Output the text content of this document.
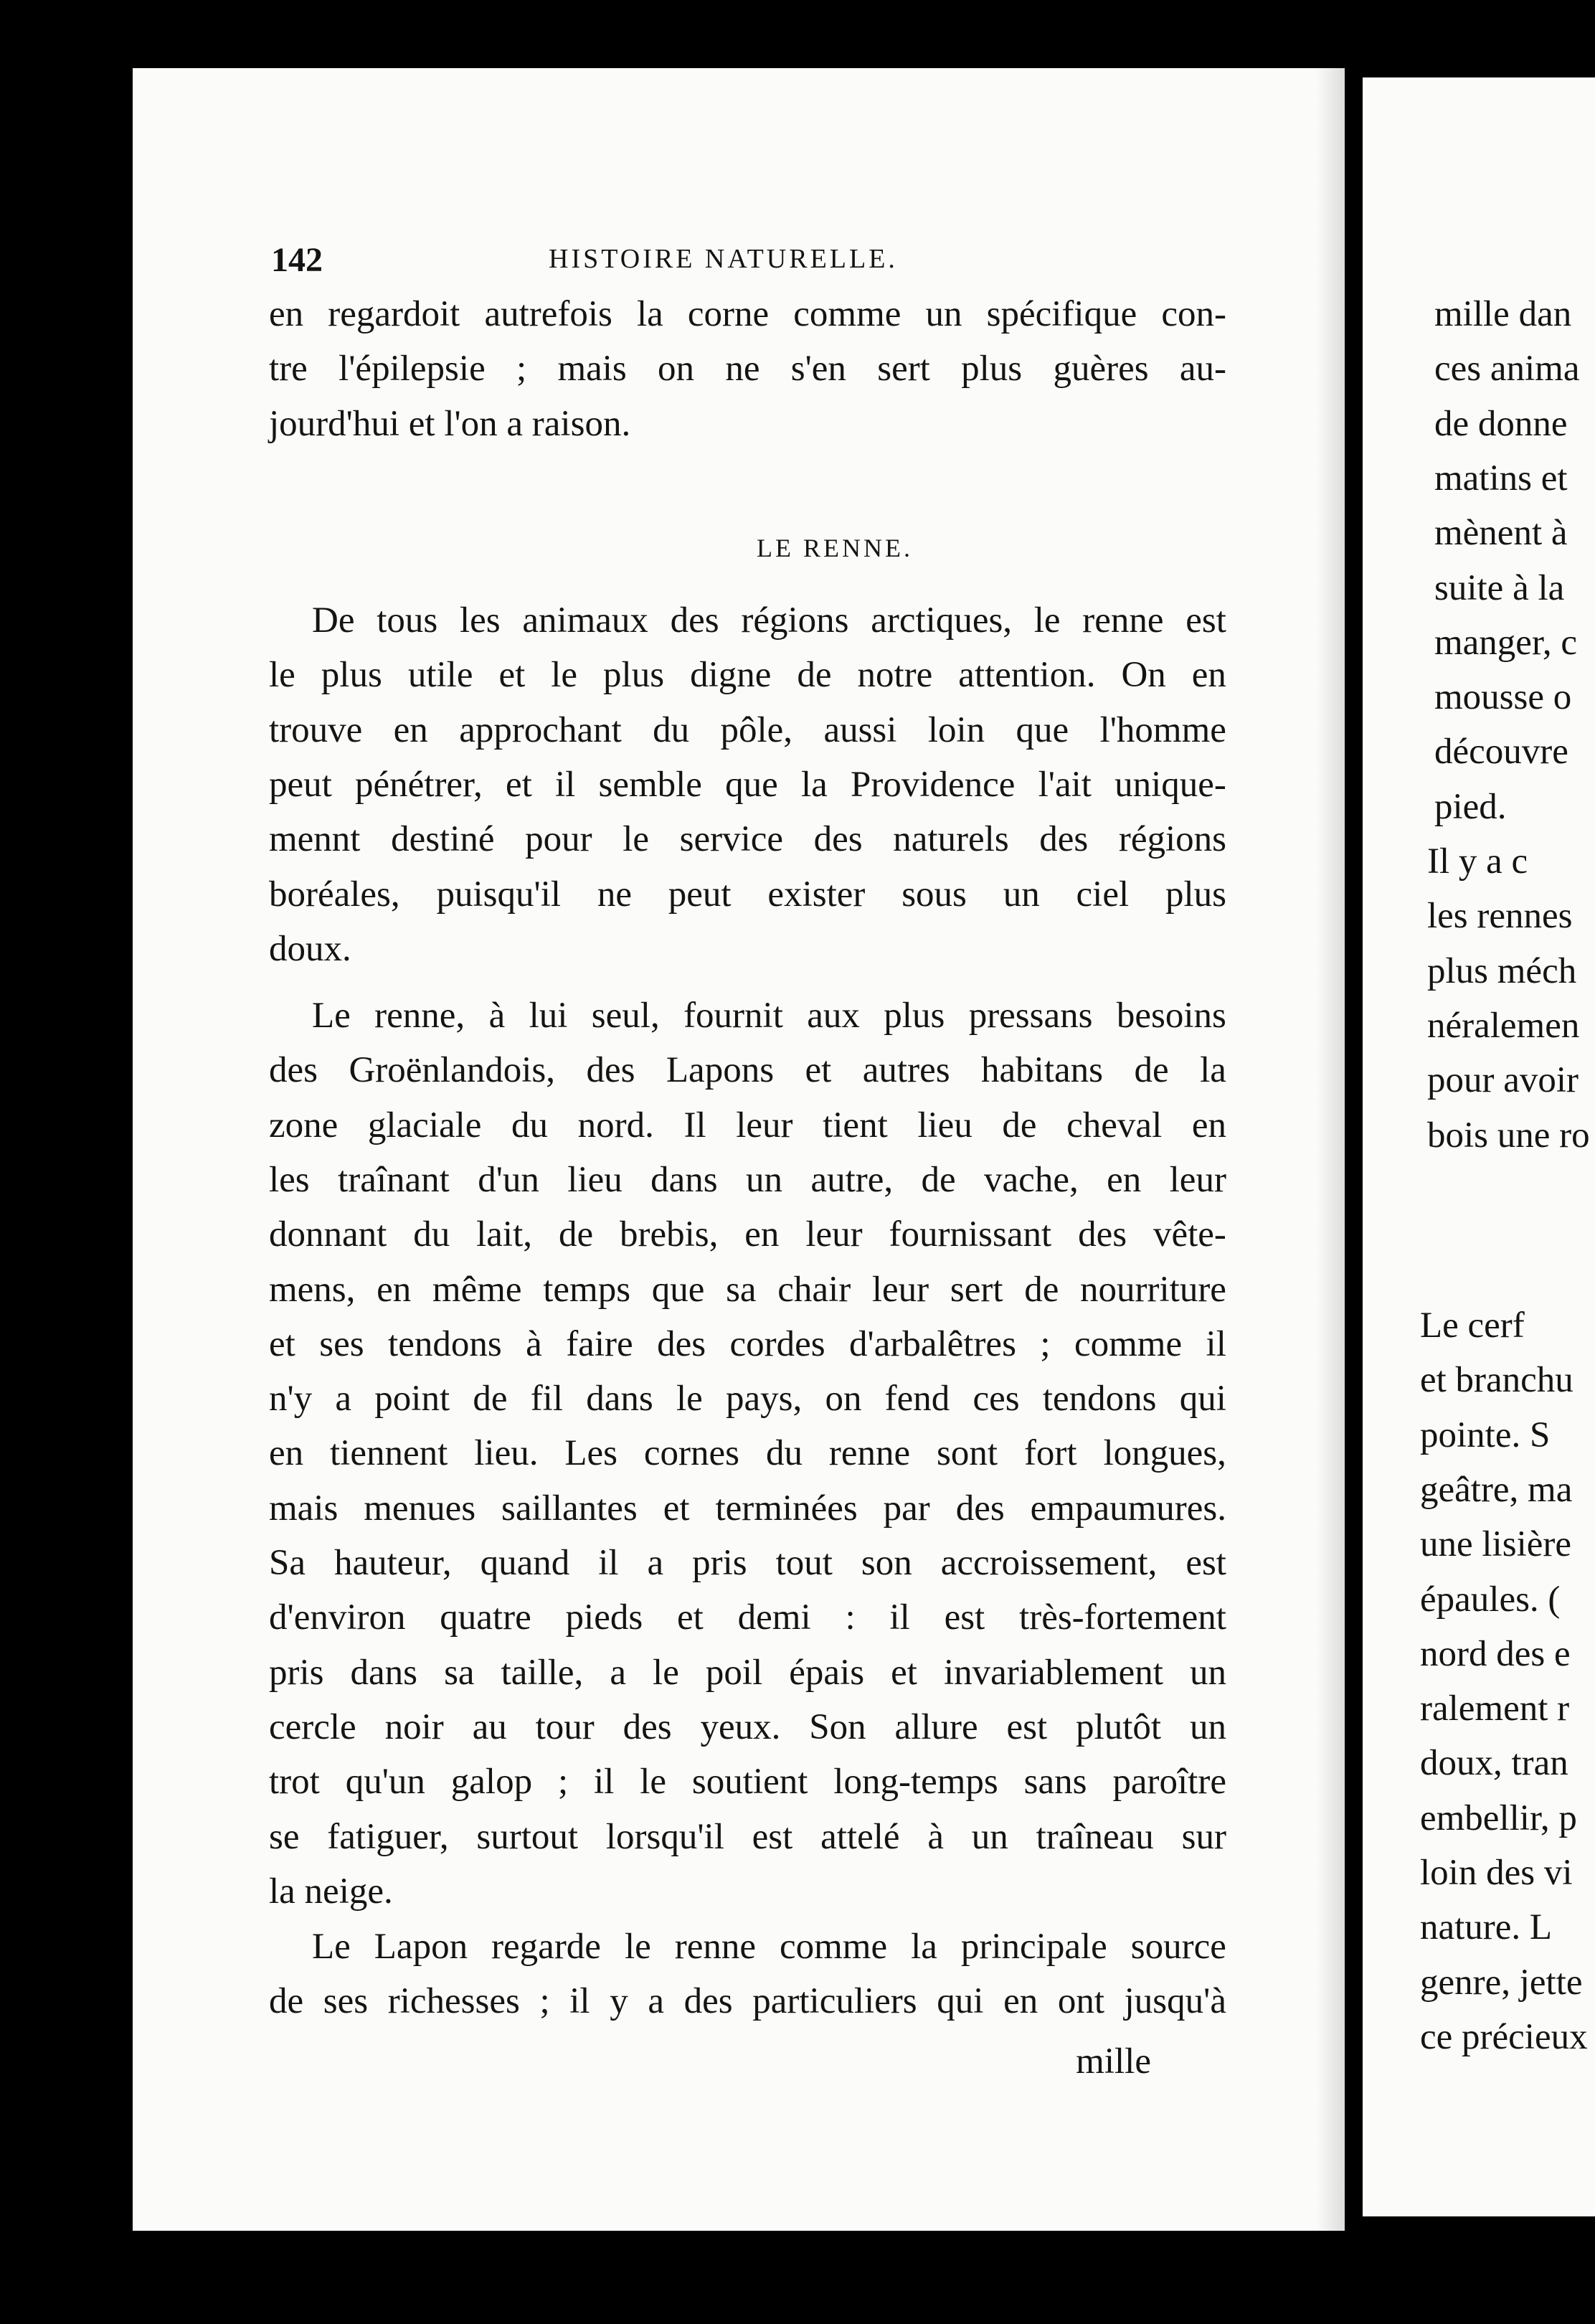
142	HISTOIRE NATURELLE.
en regardoit autrefois la corne comme un spécifique con-
tre l'épilepsie ; mais on ne s'en sert plus guères au-
jourd'hui et l'on a raison.
LE RENNE.
De tous les animaux des régions arctiques, le renne est
le plus utile et le plus digne de notre attention. On en
trouve en approchant du pôle, aussi loin que l'homme
peut pénétrer, et il semble que la Providence l'ait unique-
mennt destiné pour le service des naturels des régions
boréales, puisqu'il ne peut exister sous un ciel plus
doux.
Le renne, à lui seul, fournit aux plus pressans besoins
des Groënlandois, des Lapons et autres habitans de la
zone glaciale du nord. Il leur tient lieu de cheval en
les traînant d'un lieu dans un autre, de vache, en leur
donnant du lait, de brebis, en leur fournissant des vête-
mens, en même temps que sa chair leur sert de nourriture
et ses tendons à faire des cordes d'arbalêtres ; comme il
n'y a point de fil dans le pays, on fend ces tendons qui
en tiennent lieu. Les cornes du renne sont fort longues,
mais menues saillantes et terminées par des empaumures.
Sa hauteur, quand il a pris tout son accroissement, est
d'environ quatre pieds et demi : il est très-fortement
pris dans sa taille, a le poil épais et invariablement un
cercle noir au tour des yeux. Son allure est plutôt un
trot qu'un galop ; il le soutient long-temps sans paroître
se fatiguer, surtout lorsqu'il est attelé à un traîneau sur
la neige.
Le Lapon regarde le renne comme la principale source
de ses richesses ; il y a des particuliers qui en ont jusqu'à
mille
mille dan
ces anima
de donne
matins et
mènent à
suite à la
manger, c
mousse o
découvre
pied.
Il y a c
les rennes
plus méch
néralemen
pour avoir
bois une ro
Le cerf
et branchu
pointe. S
geâtre, ma
une lisière
épaules. (
nord des e
ralement r
doux, tran
embellir, p
loin des vi
nature. L
genre, jette
ce précieux
